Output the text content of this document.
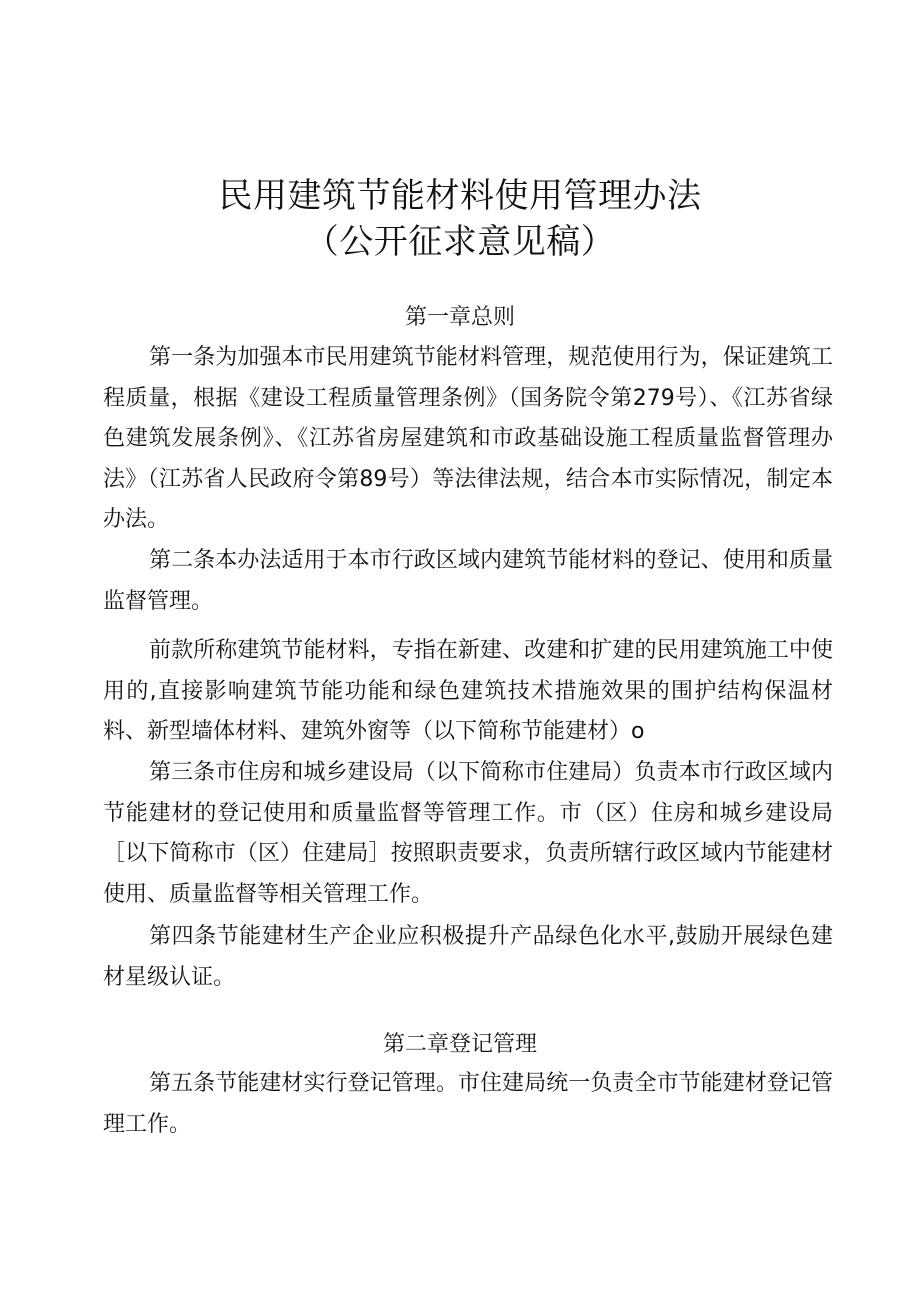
民用建筑节能材料使用管理办法
（公开征求意见稿）
第一章总则
第一条为加强本市民用建筑节能材料管理，规范使用行为，保证建筑工程质量，根据《建设工程质量管理条例》（国务院令第279号）、《江苏省绿色建筑发展条例》、《江苏省房屋建筑和市政基础设施工程质量监督管理办法》（江苏省人民政府令第89号）等法律法规，结合本市实际情况，制定本办法。
第二条本办法适用于本市行政区域内建筑节能材料的登记、使用和质量监督管理。
前款所称建筑节能材料，专指在新建、改建和扩建的民用建筑施工中使用的,直接影响建筑节能功能和绿色建筑技术措施效果的围护结构保温材料、新型墙体材料、建筑外窗等（以下简称节能建材）o
第三条市住房和城乡建设局（以下简称市住建局）负责本市行政区域内节能建材的登记使用和质量监督等管理工作。市（区）住房和城乡建设局［以下简称市（区）住建局］按照职责要求，负责所辖行政区域内节能建材使用、质量监督等相关管理工作。
第四条节能建材生产企业应积极提升产品绿色化水平,鼓励开展绿色建材星级认证。
第二章登记管理
第五条节能建材实行登记管理。市住建局统一负责全市节能建材登记管理工作。
